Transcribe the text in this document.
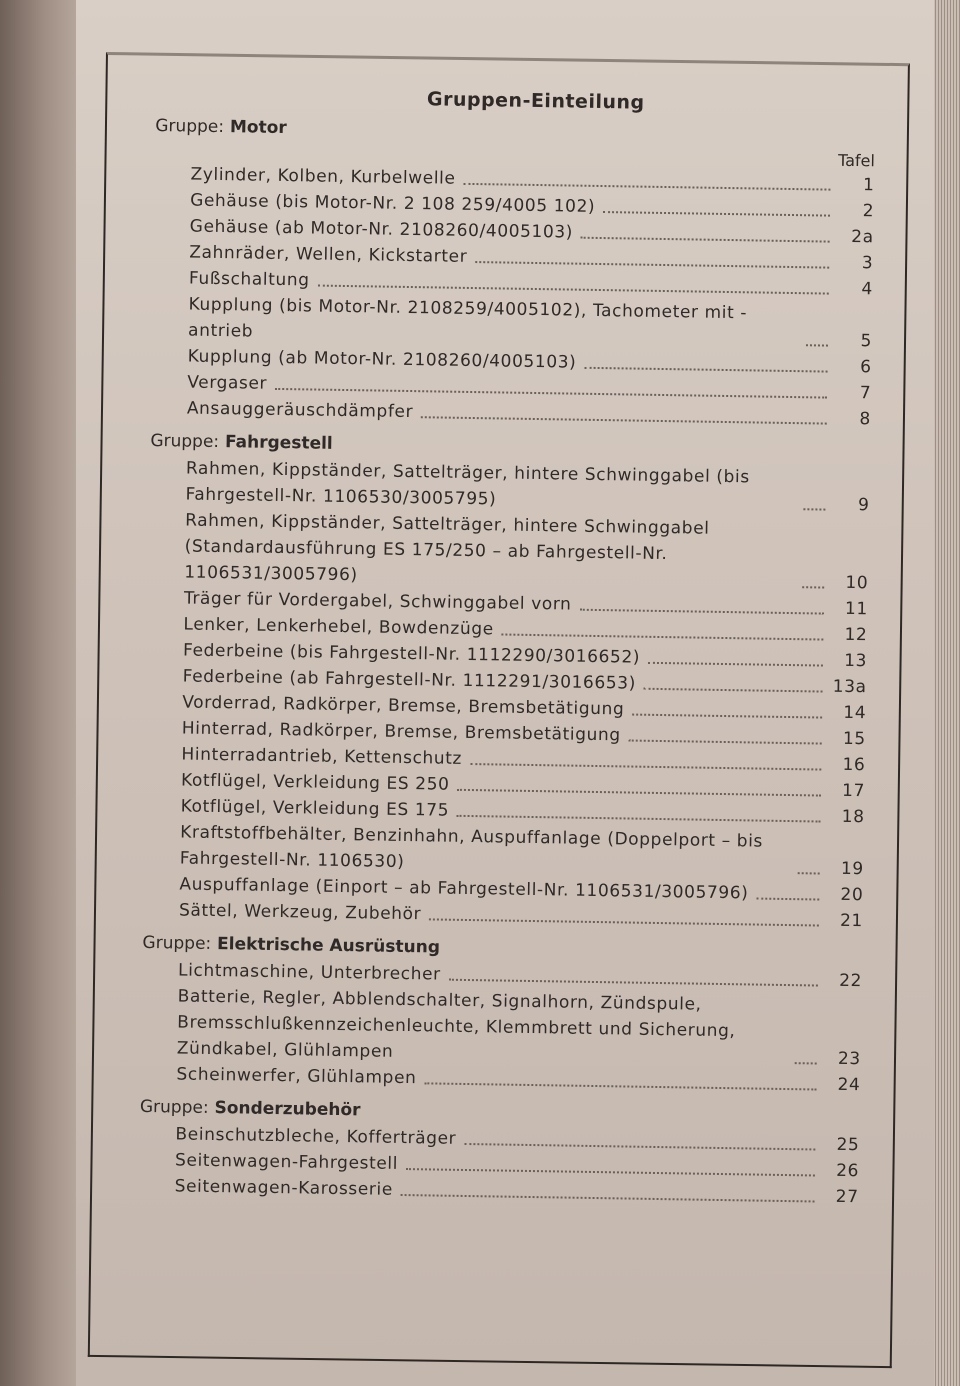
Gruppen-Einteilung
Gruppe: Motor
Tafel
Zylinder, Kolben, Kurbelwelle	1
Gehäuse (bis Motor-Nr. 2 108 259/4005 102)	2
Gehäuse (ab Motor-Nr. 2108260/4005103)	2a
Zahnräder, Wellen, Kickstarter	3
Fußschaltung	4
Kupplung (bis Motor-Nr. 2108259/4005102), Tachometer mit -antrieb	5
Kupplung (ab Motor-Nr. 2108260/4005103)	6
Vergaser	7
Ansauggeräuschdämpfer	8
Gruppe: Fahrgestell
Rahmen, Kippständer, Sattelträger, hintere Schwinggabel (bis Fahrgestell-Nr. 1106530/3005795)	9
Rahmen, Kippständer, Sattelträger, hintere Schwinggabel (Standardausführung ES 175/250 – ab Fahrgestell-Nr. 1106531/3005796)	10
Träger für Vordergabel, Schwinggabel vorn	11
Lenker, Lenkerhebel, Bowdenzüge	12
Federbeine (bis Fahrgestell-Nr. 1112290/3016652)	13
Federbeine (ab Fahrgestell-Nr. 1112291/3016653)	13a
Vorderrad, Radkörper, Bremse, Bremsbetätigung	14
Hinterrad, Radkörper, Bremse, Bremsbetätigung	15
Hinterradantrieb, Kettenschutz	16
Kotflügel, Verkleidung ES 250	17
Kotflügel, Verkleidung ES 175	18
Kraftstoffbehälter, Benzinhahn, Auspuffanlage (Doppelport – bis Fahrgestell-Nr. 1106530)	19
Auspuffanlage (Einport – ab Fahrgestell-Nr. 1106531/3005796)	20
Sättel, Werkzeug, Zubehör	21
Gruppe: Elektrische Ausrüstung
Lichtmaschine, Unterbrecher	22
Batterie, Regler, Abblendschalter, Signalhorn, Zündspule, Bremsschlußkennzeichenleuchte, Klemmbrett und Sicherung, Zündkabel, Glühlampen	23
Scheinwerfer, Glühlampen	24
Gruppe: Sonderzubehör
Beinschutzbleche, Kofferträger	25
Seitenwagen-Fahrgestell	26
Seitenwagen-Karosserie	27
